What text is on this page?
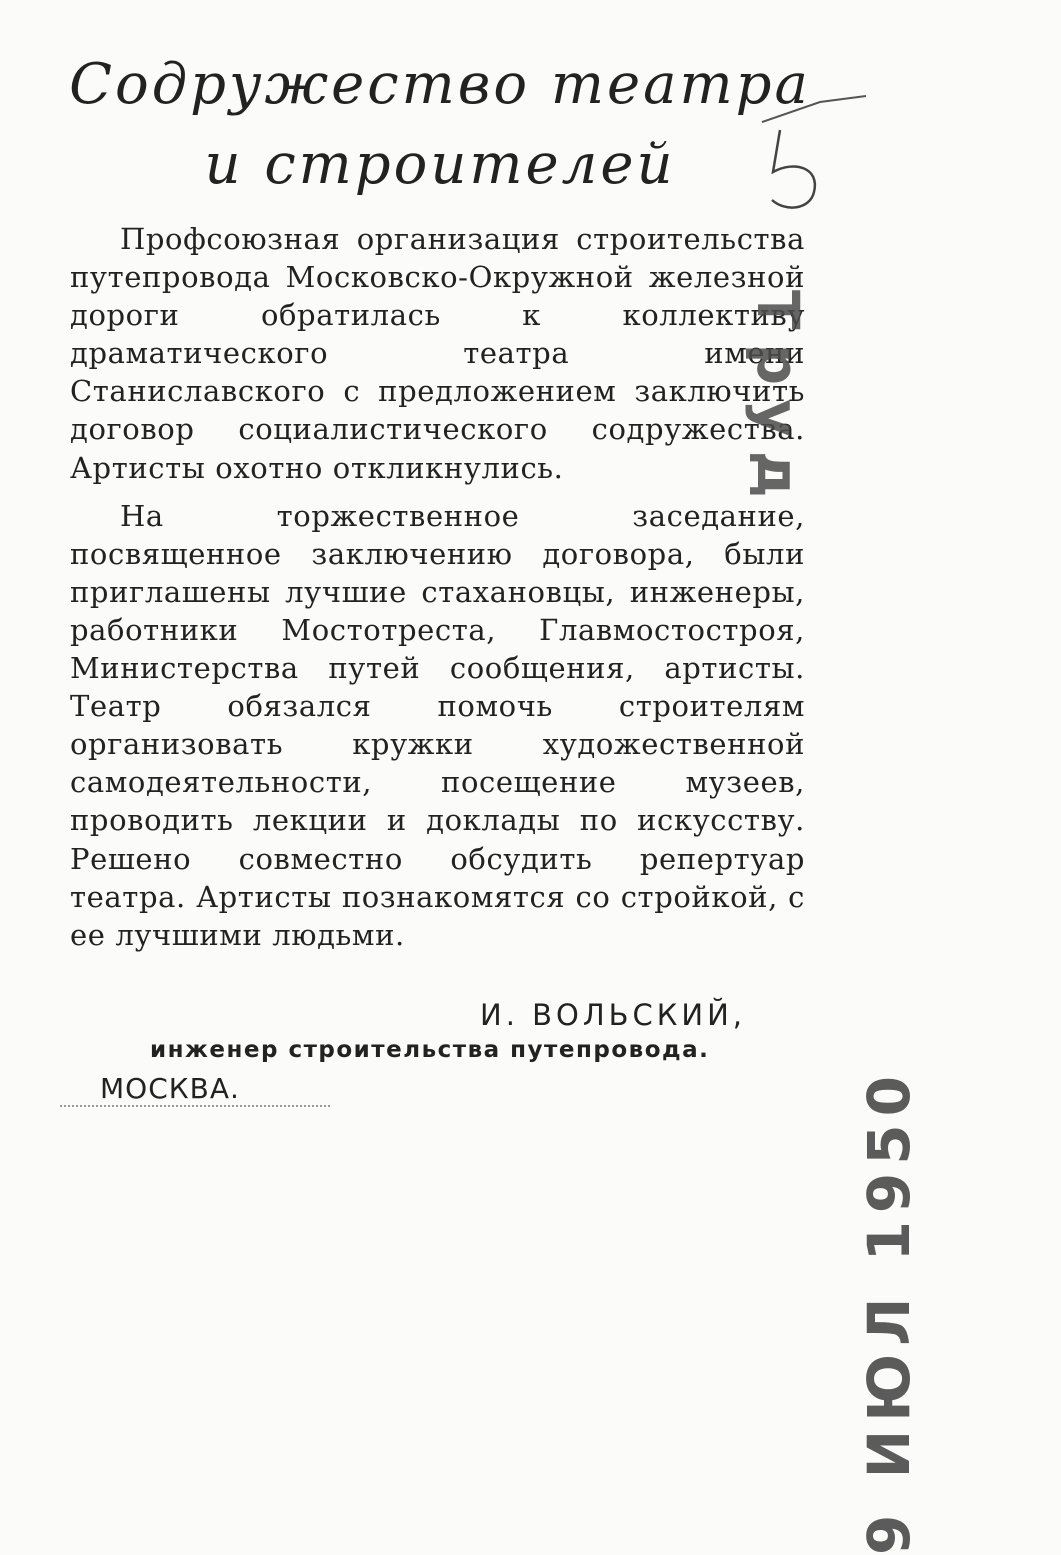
Содружество театра
и строителей

Профсоюзная организация строительства путепровода Московско-Окружной железной дороги обратилась к коллективу драматического театра имени Станиславского с предложением заключить договор социалистического содружества. Артисты охотно откликнулись.

На торжественное заседание, посвященное заключению договора, были приглашены лучшие стахановцы, инженеры, работники Мостотреста, Главмостостроя, Министерства путей сообщения, артисты. Театр обязался помочь строителям организовать кружки художественной самодеятельности, посещение музеев, проводить лекции и доклады по искусству. Решено совместно обсудить репертуар театра. Артисты познакомятся со стройкой, с ее лучшими людьми.

И. ВОЛЬСКИЙ,
инженер строительства путепровода.
МОСКВА.
Труд
9 ИЮЛ 1950
